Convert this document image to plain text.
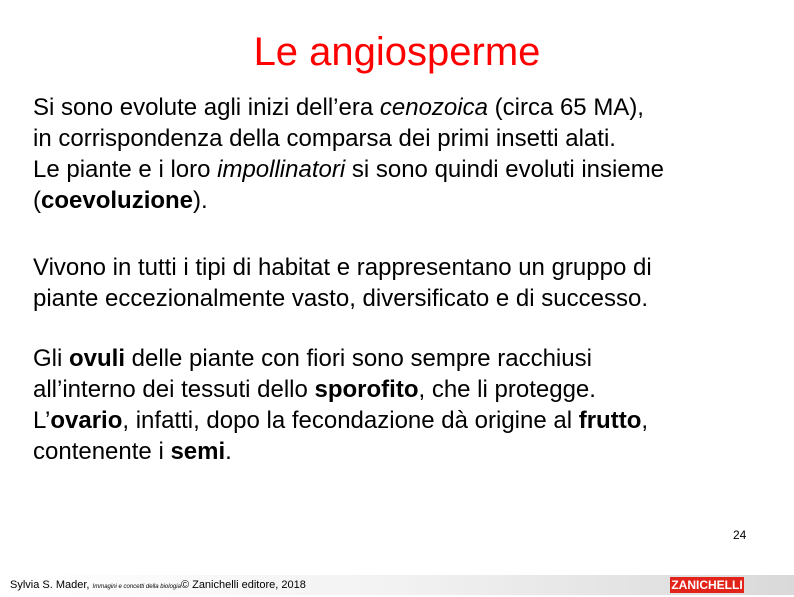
Le angiosperme
Si sono evolute agli inizi dell’era cenozoica (circa 65 MA),
in corrispondenza della comparsa dei primi insetti alati.
Le piante e i loro impollinatori si sono quindi evoluti insieme
(coevoluzione).
Vivono in tutti i tipi di habitat e rappresentano un gruppo di
piante eccezionalmente vasto, diversificato e di successo.
Gli ovuli delle piante con fiori sono sempre racchiusi
all’interno dei tessuti dello sporofito, che li protegge.
L’ovario, infatti, dopo la fecondazione dà origine al frutto,
contenente i semi.
24
Sylvia S. Mader, Immagini e concetti della biologia© Zanichelli editore, 2018	ZANICHELLI
